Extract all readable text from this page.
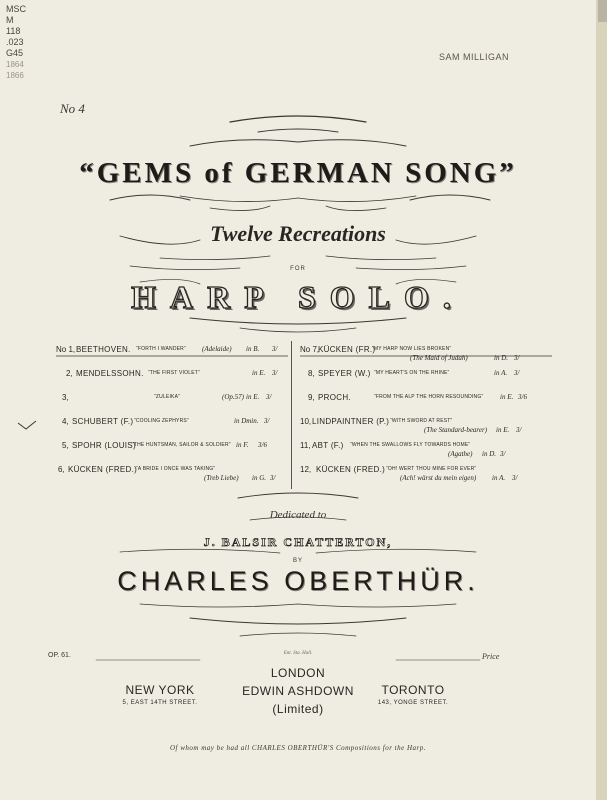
MSC
M
118
.023
G45
1864
1866
SAM MILLIGAN
No 4
“GEMS of GERMAN SONG”
Twelve Recreations
FOR
HARP SOLO.
No 1, BEETHOVEN. “FORTH I WANDER” (Adelaide) in B. 3/
2, MENDELSSOHN. “THE FIRST VIOLET”	in E. 3/
3,	“ZULEIKA”	(Op.57) in E. 3/
4, SCHUBERT (F.) “COOLING ZEPHYRS”	in Dmin. 3/
5, SPOHR (LOUIS)
“THE HUNTSMAN, SAILOR & SOLDIER” in F. 3/6
6, KÜCKEN (FRED.)
“A BRIDE I ONCE WAS TAKING”
(Treb Liebe) in G. 3/
No 7,
KÜCKEN (FR.)
“MY HARP NOW LIES BROKEN”
(The Maid of Judah)	in D. 3/
8, SPEYER (W.) “MY HEART'S ON THE RHINE”	in A. 3/
9, PROCH.	“FROM THE ALP THE HORN RESOUNDING” in E. 3/6
10, LINDPAINTNER (P.) “WITH SWORD AT REST”
(The Standard-bearer) in E. 3/
11, ABT (F.) “WHEN THE SWALLOWS FLY TOWARDS HOME”
(Agathe) in D. 3/
12, KÜCKEN (FRED.) “OH! WERT THOU MINE FOR EVER”
(Ach! wärst du mein eigen) in A. 3/
Dedicated to
J. BALSIR CHATTERTON,
BY
CHARLES OBERTHÜR.
OP. 61.	Ent. Sta. Hall.	Price
NEW YORK
5, EAST 14TH STREET.
LONDON
EDWIN ASHDOWN
(Limited)
TORONTO
143, YONGE STREET.
Of whom may be had all CHARLES OBERTHÜR'S Compositions for the Harp.
